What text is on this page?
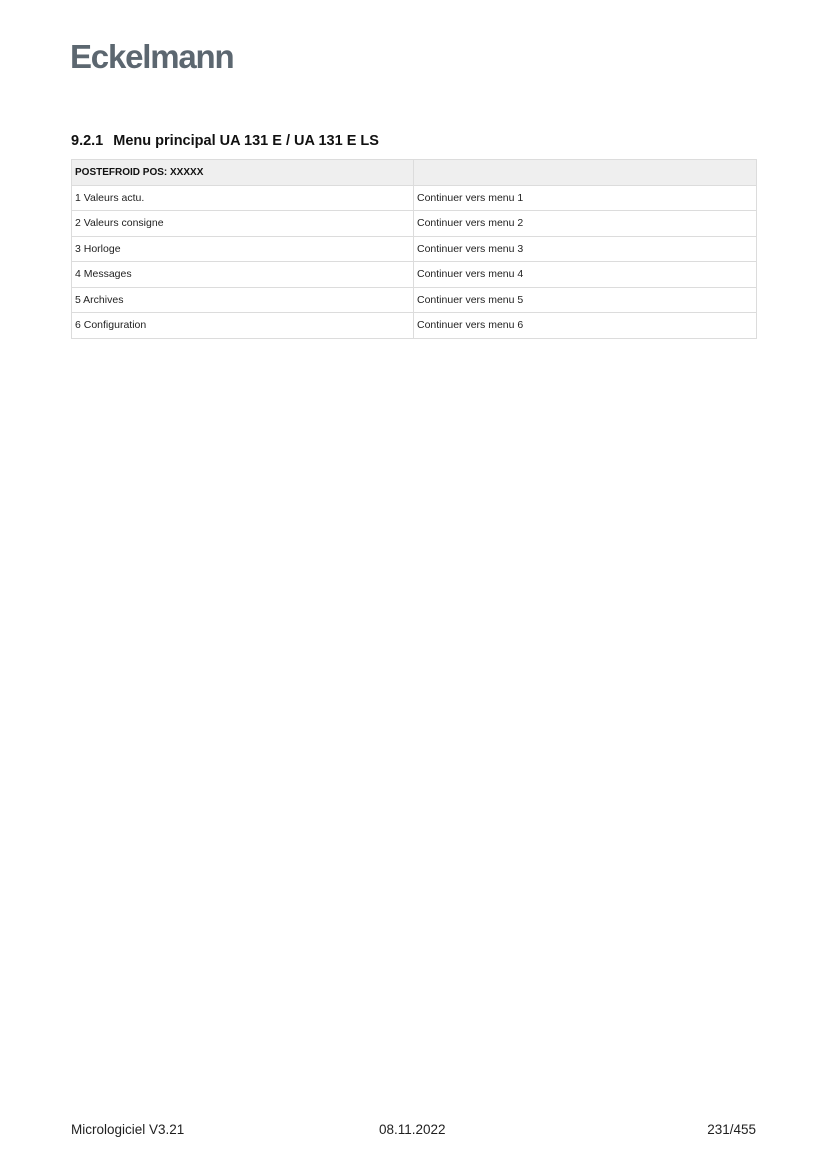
Eckelmann
9.2.1 Menu principal UA 131 E / UA 131 E LS
POSTEFROID POS: XXXXX	
1 Valeurs actu.	Continuer vers menu 1
2 Valeurs consigne	Continuer vers menu 2
3 Horloge	Continuer vers menu 3
4 Messages	Continuer vers menu 4
5 Archives	Continuer vers menu 5
6 Configuration	Continuer vers menu 6
Micrologiciel V3.21	08.11.2022	231/455
